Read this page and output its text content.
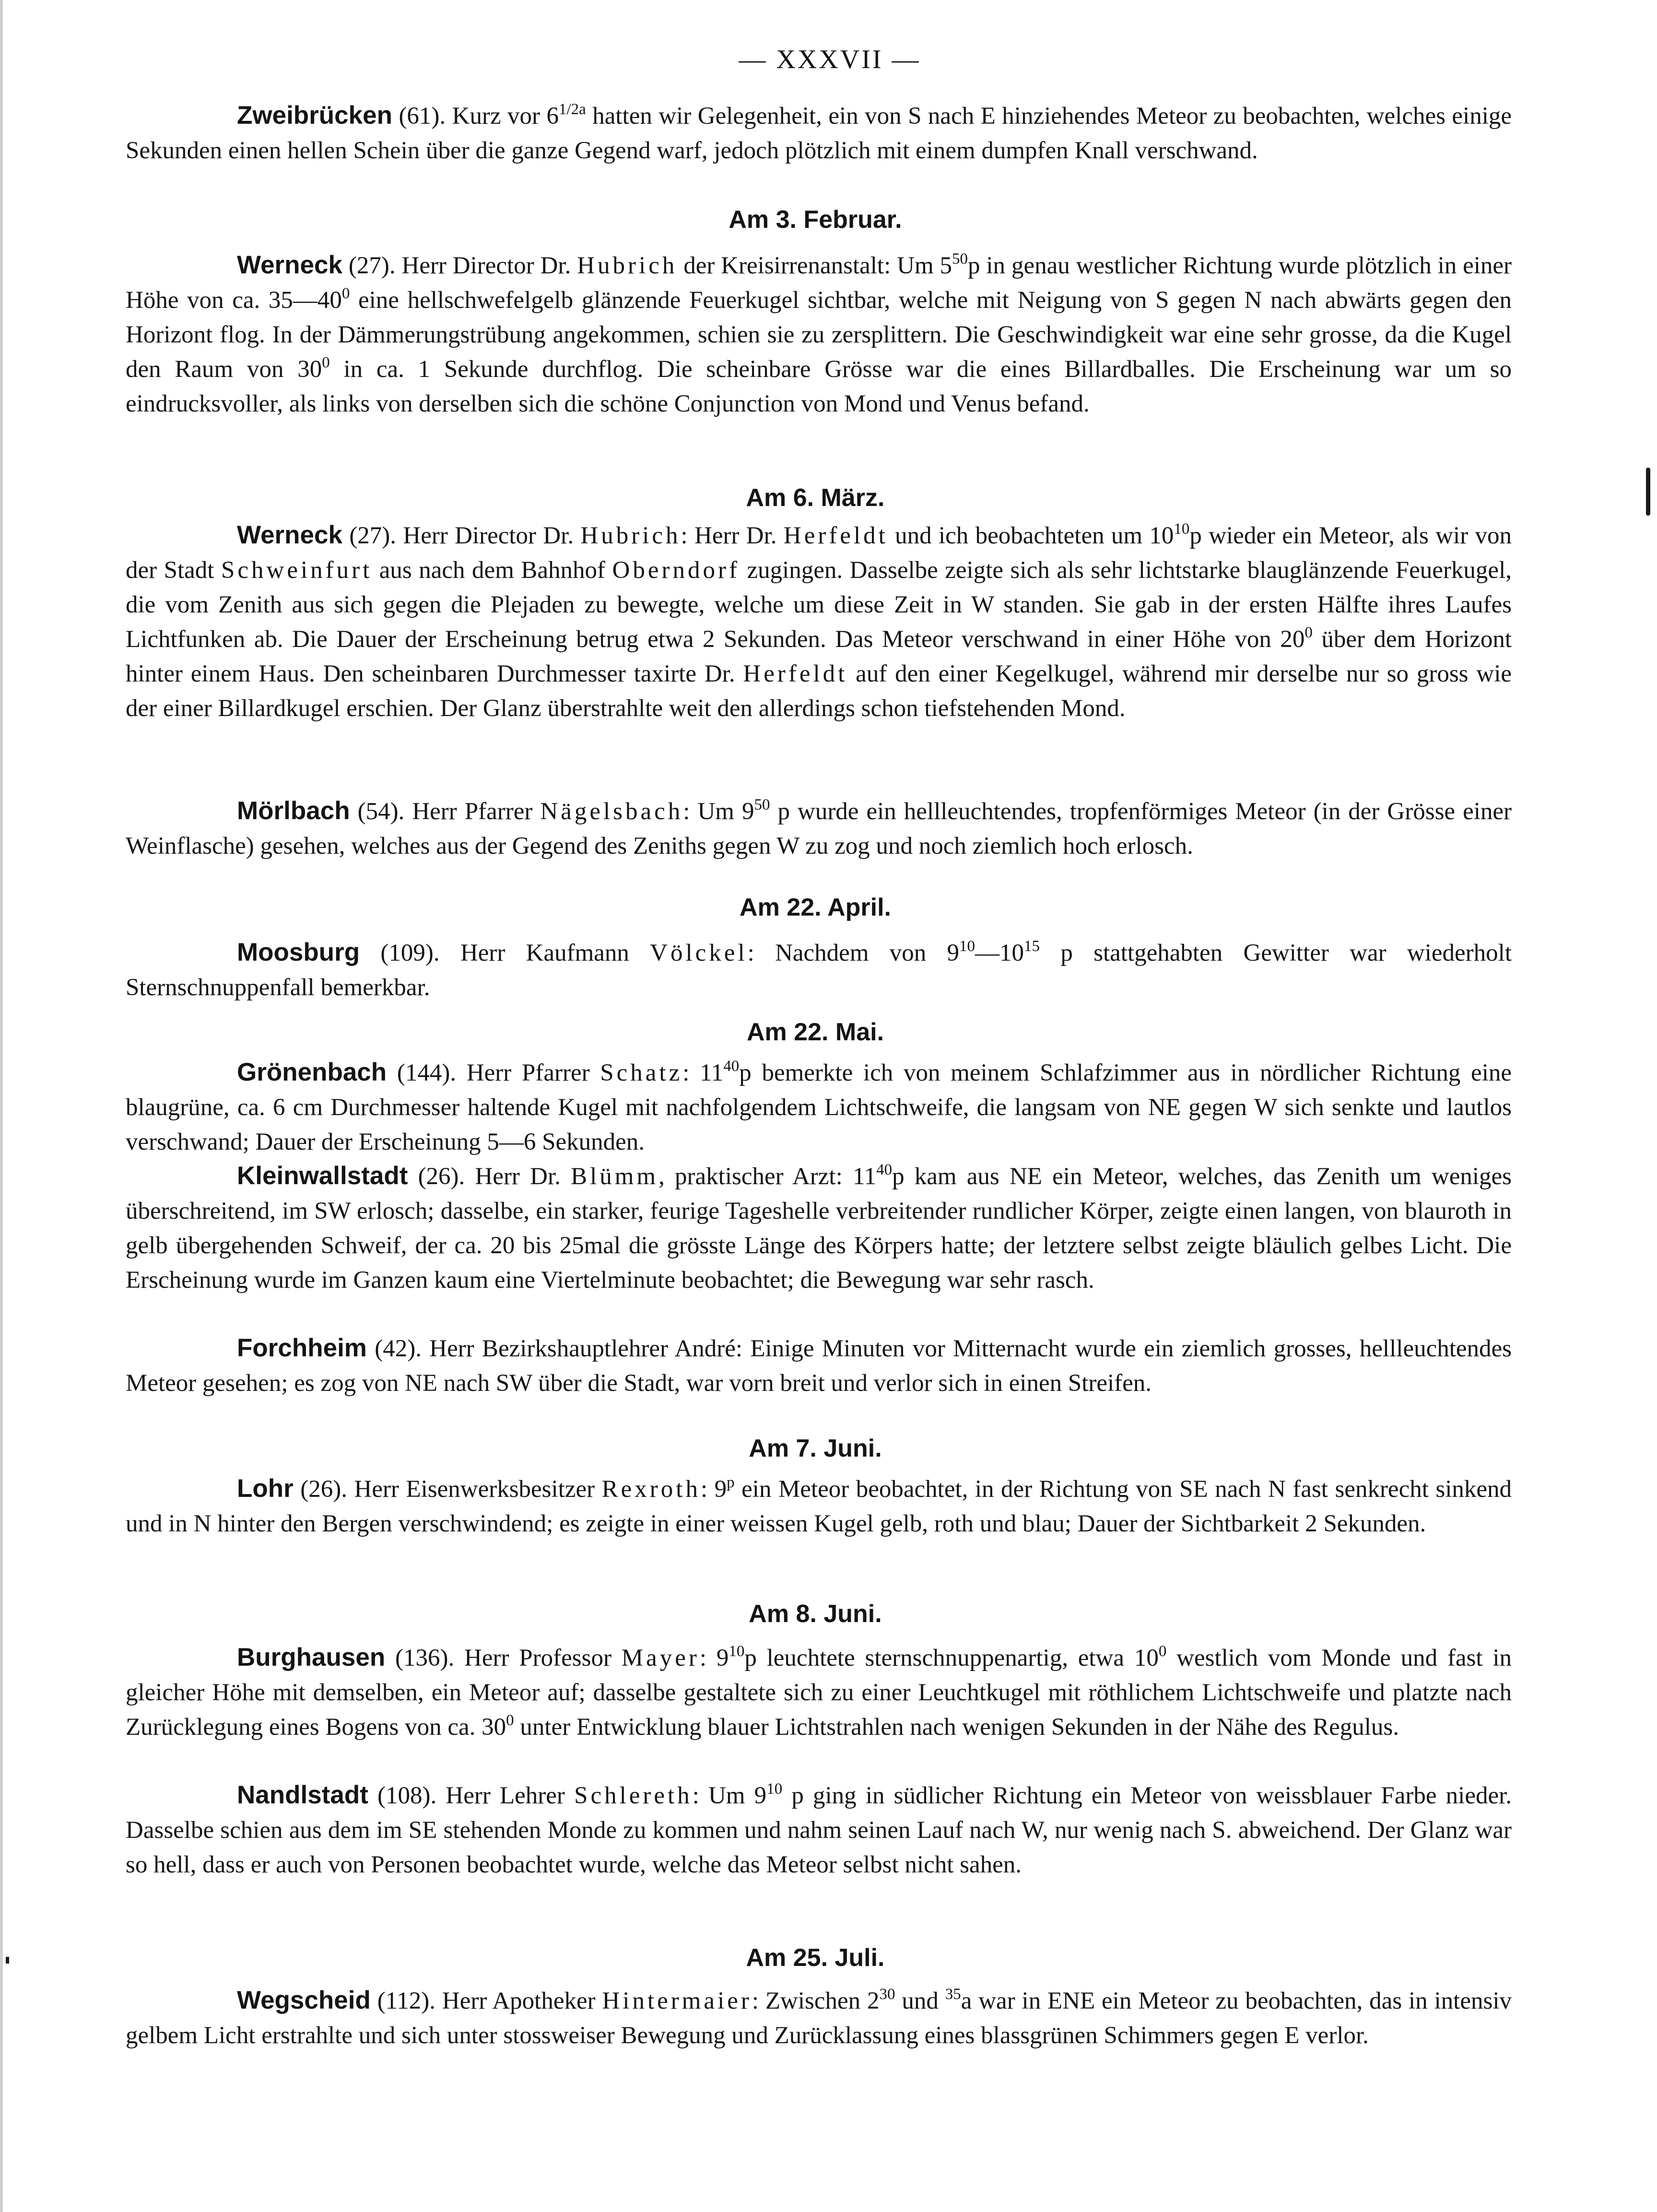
— XXXVII —

Zweibrücken (61). Kurz vor $6^{1/2a}$ hatten wir Gelegenheit, ein von S nach E hinziehendes Meteor zu beobachten, welches einige Sekunden einen hellen Schein über die ganze Gegend warf, jedoch plötzlich mit einem dumpfen Knall verschwand.

Am 3. Februar.

Werneck (27). Herr Director Dr. Hubrich der Kreisirrenanstalt: Um $5^{50}p$ in genau westlicher Richtung wurde plötzlich in einer Höhe von ca. $35—40^0$ eine hellschwefelgelb glänzende Feuerkugel sichtbar, welche mit Neigung von S gegen N nach abwärts gegen den Horizont flog. In der Dämmerungstrübung angekommen, schien sie zu zersplittern. Die Geschwindigkeit war eine sehr grosse, da die Kugel den Raum von $30^0$ in ca. 1 Sekunde durchflog. Die scheinbare Grösse war die eines Billardballes. Die Erscheinung war um so eindrucksvoller, als links von derselben sich die schöne Conjunction von Mond und Venus befand.

Am 6. März.

Werneck (27). Herr Director Dr. Hubrich: Herr Dr. Herfeldt und ich beobachteten um $10^{10}p$ wieder ein Meteor, als wir von der Stadt Schweinfurt aus nach dem Bahnhof Oberndorf zugingen. Dasselbe zeigte sich als sehr lichtstarke blauglänzende Feuerkugel, die vom Zenith aus sich gegen die Plejaden zu bewegte, welche um diese Zeit in W standen. Sie gab in der ersten Hälfte ihres Laufes Lichtfunken ab. Die Dauer der Erscheinung betrug etwa 2 Sekunden. Das Meteor verschwand in einer Höhe von $20^0$ über dem Horizont hinter einem Haus. Den scheinbaren Durchmesser taxirte Dr. Herfeldt auf den einer Kegelkugel, während mir derselbe nur so gross wie der einer Billardkugel erschien. Der Glanz überstrahlte weit den allerdings schon tiefstehenden Mond.

Mörlbach (54). Herr Pfarrer Nägelsbach: Um $9^{50}$ p wurde ein hellleuchtendes, tropfenförmiges Meteor (in der Grösse einer Weinflasche) gesehen, welches aus der Gegend des Zeniths gegen W zu zog und noch ziemlich hoch erlosch.

Am 22. April.

Moosburg (109). Herr Kaufmann Völckel: Nachdem von $9^{10}—10^{15}$ p stattgehabten Gewitter war wiederholt Sternschnuppenfall bemerkbar.

Am 22. Mai.

Grönenbach (144). Herr Pfarrer Schatz: $11^{40}p$ bemerkte ich von meinem Schlafzimmer aus in nördlicher Richtung eine blaugrüne, ca. 6 cm Durchmesser haltende Kugel mit nachfolgendem Lichtschweife, die langsam von NE gegen W sich senkte und lautlos verschwand; Dauer der Erscheinung 5—6 Sekunden.

Kleinwallstadt (26). Herr Dr. Blümm, praktischer Arzt: $11^{40}p$ kam aus NE ein Meteor, welches, das Zenith um weniges überschreitend, im SW erlosch; dasselbe, ein starker, feurige Tageshelle verbreitender rundlicher Körper, zeigte einen langen, von blauroth in gelb übergehenden Schweif, der ca. 20 bis 25mal die grösste Länge des Körpers hatte; der letztere selbst zeigte bläulich gelbes Licht. Die Erscheinung wurde im Ganzen kaum eine Viertelminute beobachtet; die Bewegung war sehr rasch.

Forchheim (42). Herr Bezirkshauptlehrer André: Einige Minuten vor Mitternacht wurde ein ziemlich grosses, hellleuchtendes Meteor gesehen; es zog von NE nach SW über die Stadt, war vorn breit und verlor sich in einen Streifen.

Am 7. Juni.

Lohr (26). Herr Eisenwerksbesitzer Rexroth: 9$^p$ ein Meteor beobachtet, in der Richtung von SE nach N fast senkrecht sinkend und in N hinter den Bergen verschwindend; es zeigte in einer weissen Kugel gelb, roth und blau; Dauer der Sichtbarkeit 2 Sekunden.

Am 8. Juni.

Burghausen (136). Herr Professor Mayer: $9^{10}p$ leuchtete sternschnuppenartig, etwa $10^0$ westlich vom Monde und fast in gleicher Höhe mit demselben, ein Meteor auf; dasselbe gestaltete sich zu einer Leuchtkugel mit röthlichem Lichtschweife und platzte nach Zurücklegung eines Bogens von ca. $30^0$ unter Entwicklung blauer Lichtstrahlen nach wenigen Sekunden in der Nähe des Regulus.

Nandlstadt (108). Herr Lehrer Schlereth: Um $9^{10}$ p ging in südlicher Richtung ein Meteor von weissblauer Farbe nieder. Dasselbe schien aus dem im SE stehenden Monde zu kommen und nahm seinen Lauf nach W, nur wenig nach S. abweichend. Der Glanz war so hell, dass er auch von Personen beobachtet wurde, welche das Meteor selbst nicht sahen.

Am 25. Juli.

Wegscheid (112). Herr Apotheker Hintermaier: Zwischen $2^{30}$ und $^{35}$a war in ENE ein Meteor zu beobachten, das in intensiv gelbem Licht erstrahlte und sich unter stossweiser Bewegung und Zurücklassung eines blassgrünen Schimmers gegen E verlor.
